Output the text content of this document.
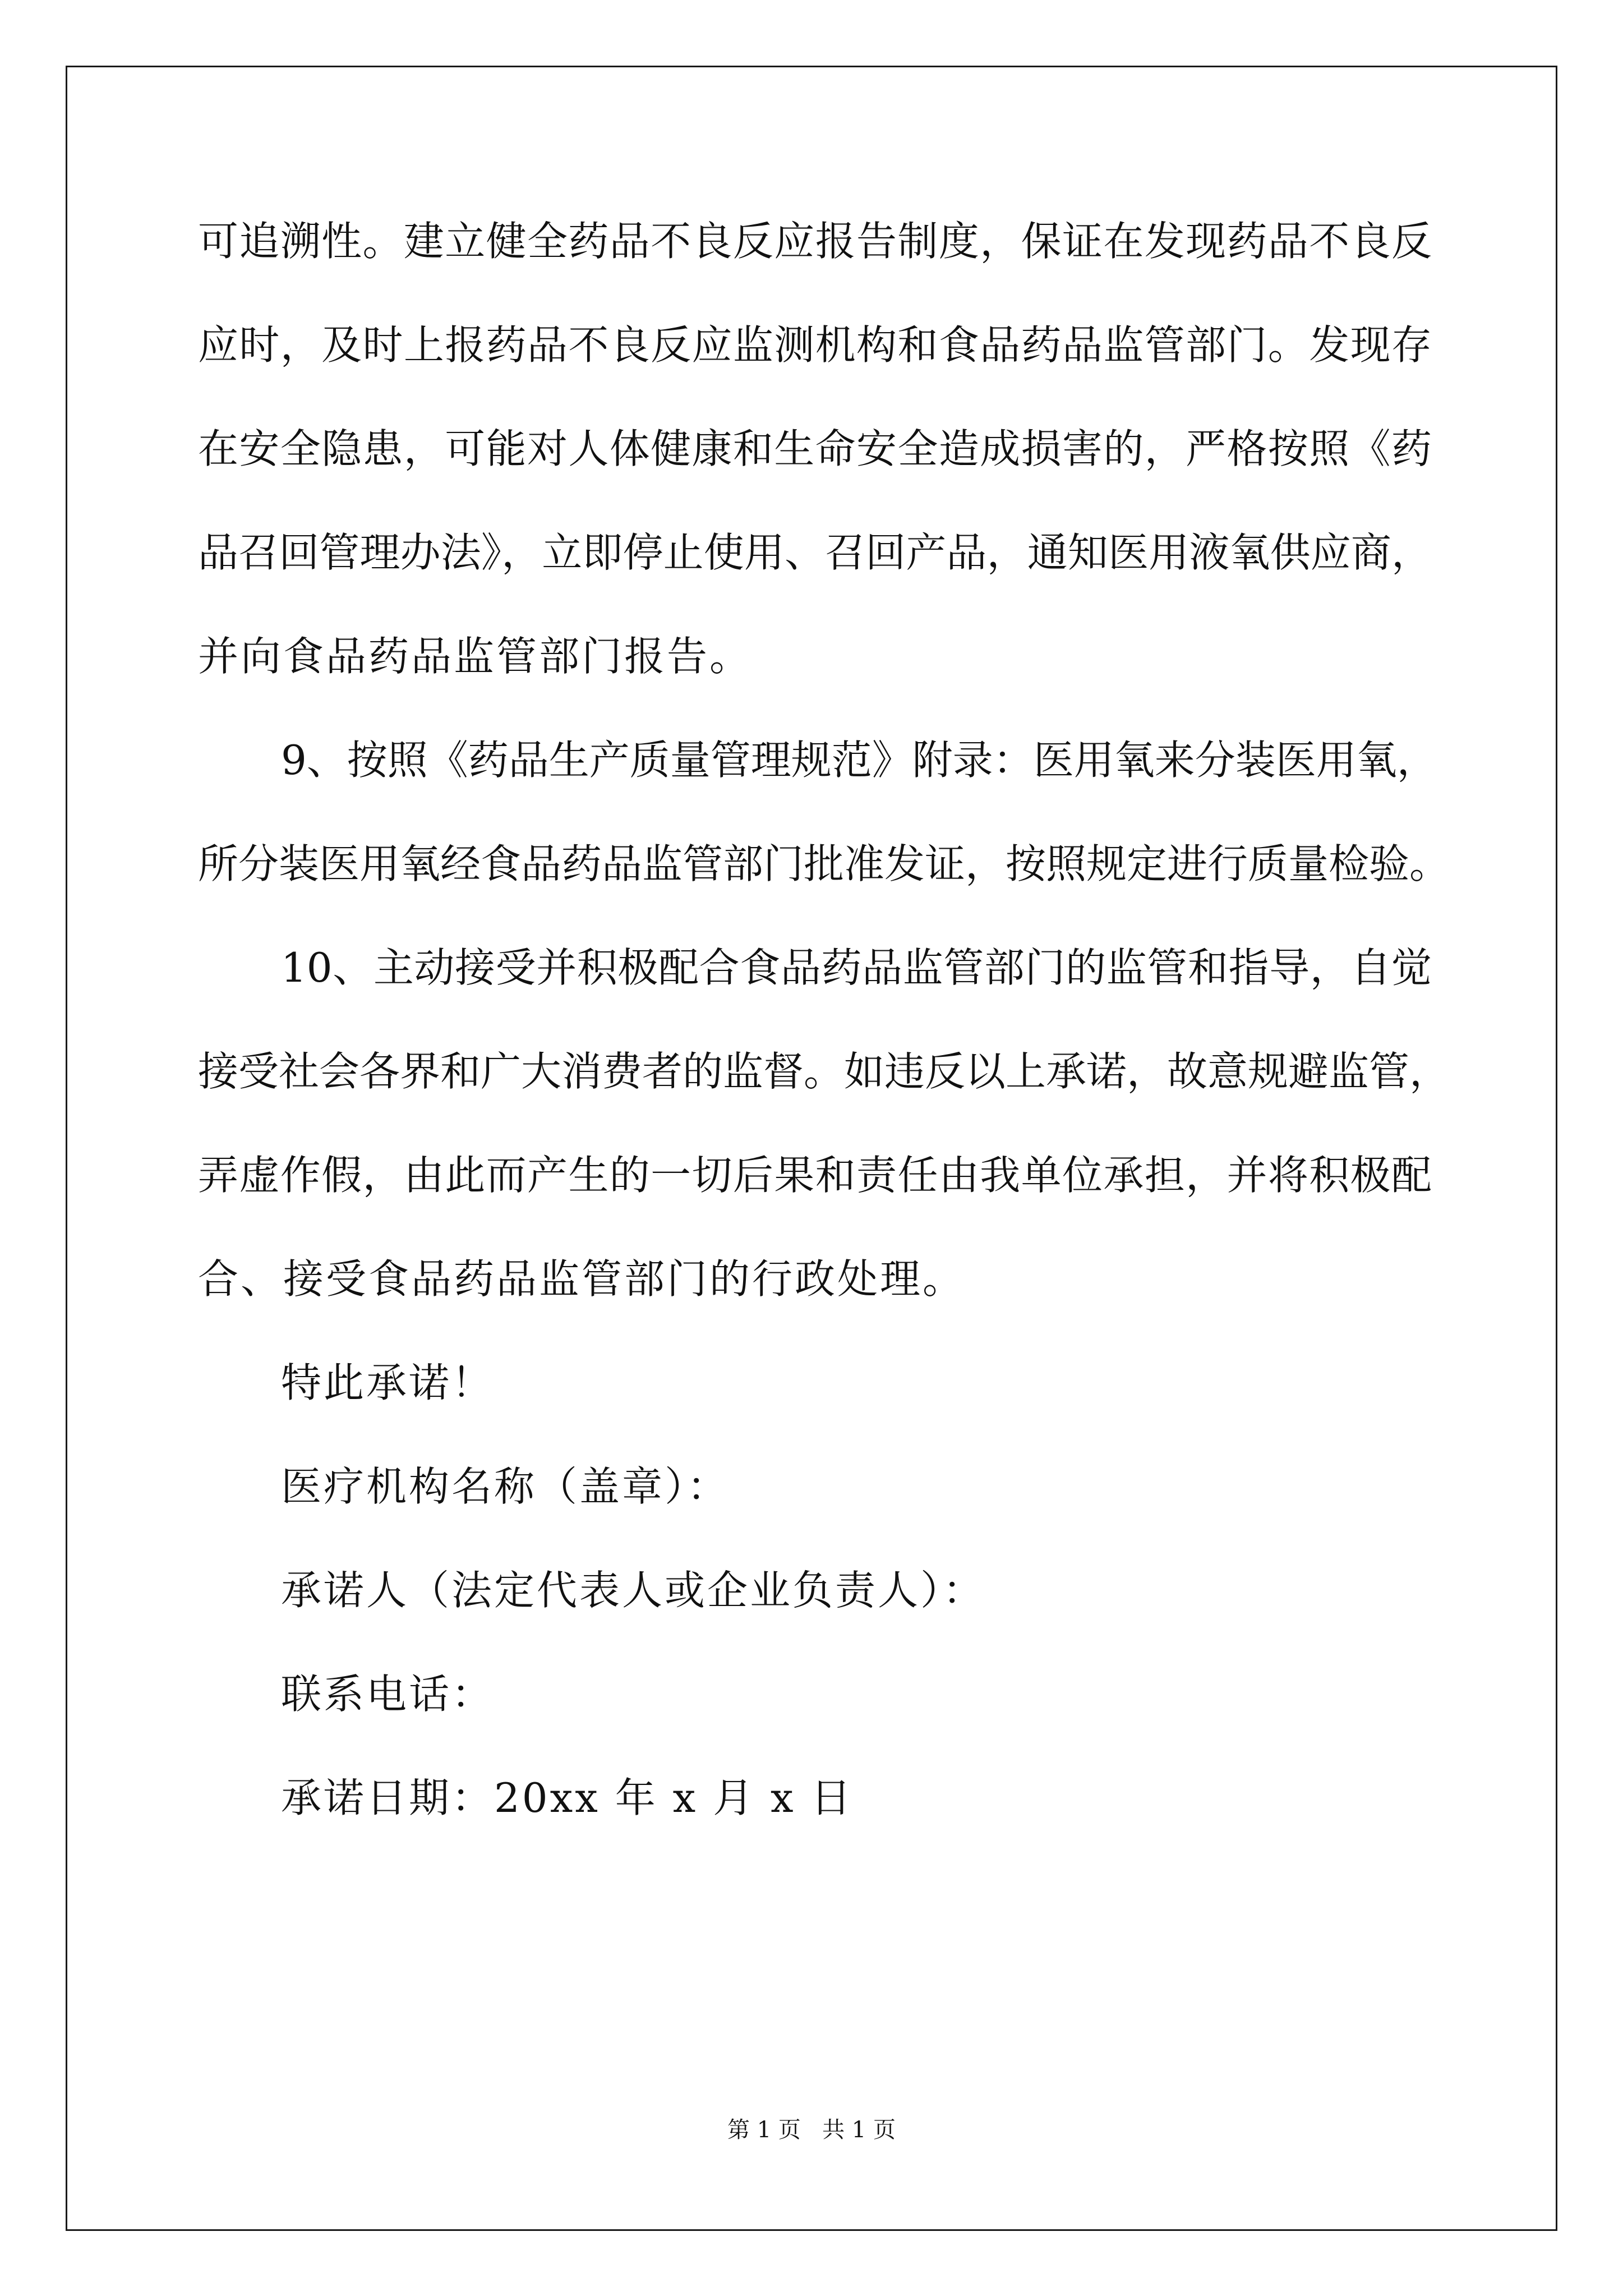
可追溯性。建立健全药品不良反应报告制度，保证在发现药品不良反
应时，及时上报药品不良反应监测机构和食品药品监管部门。发现存
在安全隐患，可能对人体健康和生命安全造成损害的，严格按照《药
品召回管理办法》，立即停止使用、召回产品，通知医用液氧供应商，
并向食品药品监管部门报告。
9、按照《药品生产质量管理规范》附录：医用氧来分装医用氧，
所分装医用氧经食品药品监管部门批准发证，按照规定进行质量检验。
10、主动接受并积极配合食品药品监管部门的监管和指导，自觉
接受社会各界和广大消费者的监督。如违反以上承诺，故意规避监管，
弄虚作假，由此而产生的一切后果和责任由我单位承担，并将积极配
合、接受食品药品监管部门的行政处理。
特此承诺！
医疗机构名称（盖章）：
承诺人（法定代表人或企业负责人）：
联系电话：
承诺日期：20xx 年 x 月 x 日
第 1 页   共 1 页
